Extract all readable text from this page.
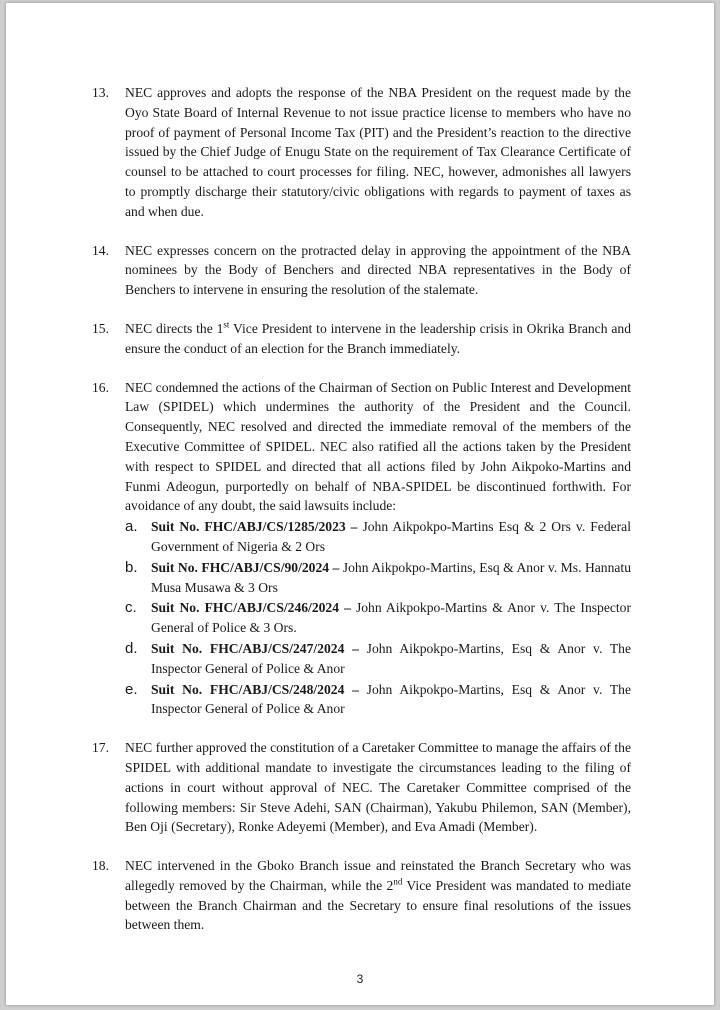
13.	NEC approves and adopts the response of the NBA President on the request made by the Oyo State Board of Internal Revenue to not issue practice license to members who have no proof of payment of Personal Income Tax (PIT) and the President’s reaction to the directive issued by the Chief Judge of Enugu State on the requirement of Tax Clearance Certificate of counsel to be attached to court processes for filing. NEC, however, admonishes all lawyers to promptly discharge their statutory/civic obligations with regards to payment of taxes as and when due.

14.	NEC expresses concern on the protracted delay in approving the appointment of the NBA nominees by the Body of Benchers and directed NBA representatives in the Body of Benchers to intervene in ensuring the resolution of the stalemate.

15.	NEC directs the 1st Vice President to intervene in the leadership crisis in Okrika Branch and ensure the conduct of an election for the Branch immediately.

16.	NEC condemned the actions of the Chairman of Section on Public Interest and Development Law (SPIDEL) which undermines the authority of the President and the Council. Consequently, NEC resolved and directed the immediate removal of the members of the Executive Committee of SPIDEL. NEC also ratified all the actions taken by the President with respect to SPIDEL and directed that all actions filed by John Aikpoko-Martins and Funmi Adeogun, purportedly on behalf of NBA-SPIDEL be discontinued forthwith. For avoidance of any doubt, the said lawsuits include:

a. Suit No. FHC/ABJ/CS/1285/2023 – John Aikpokpo-Martins Esq & 2 Ors v. Federal Government of Nigeria & 2 Ors
b. Suit No. FHC/ABJ/CS/90/2024 – John Aikpokpo-Martins, Esq & Anor v. Ms. Hannatu Musa Musawa & 3 Ors
c.	Suit No. FHC/ABJ/CS/246/2024 – John Aikpokpo-Martins & Anor v. The Inspector General of Police & 3 Ors.
d. Suit No. FHC/ABJ/CS/247/2024 – John Aikpokpo-Martins, Esq & Anor v. The Inspector General of Police & Anor
e. Suit No. FHC/ABJ/CS/248/2024 – John Aikpokpo-Martins, Esq & Anor v. The Inspector General of Police & Anor
17.	NEC further approved the constitution of a Caretaker Committee to manage the affairs of the SPIDEL with additional mandate to investigate the circumstances leading to the filing of actions in court without approval of NEC. The Caretaker Committee comprised of the following members: Sir Steve Adehi, SAN (Chairman), Yakubu Philemon, SAN (Member), Ben Oji (Secretary), Ronke Adeyemi (Member), and Eva Amadi (Member).

18.	NEC intervened in the Gboko Branch issue and reinstated the Branch Secretary who was allegedly removed by the Chairman, while the 2nd Vice President was mandated to mediate between the Branch Chairman and the Secretary to ensure final resolutions of the issues between them.

3
